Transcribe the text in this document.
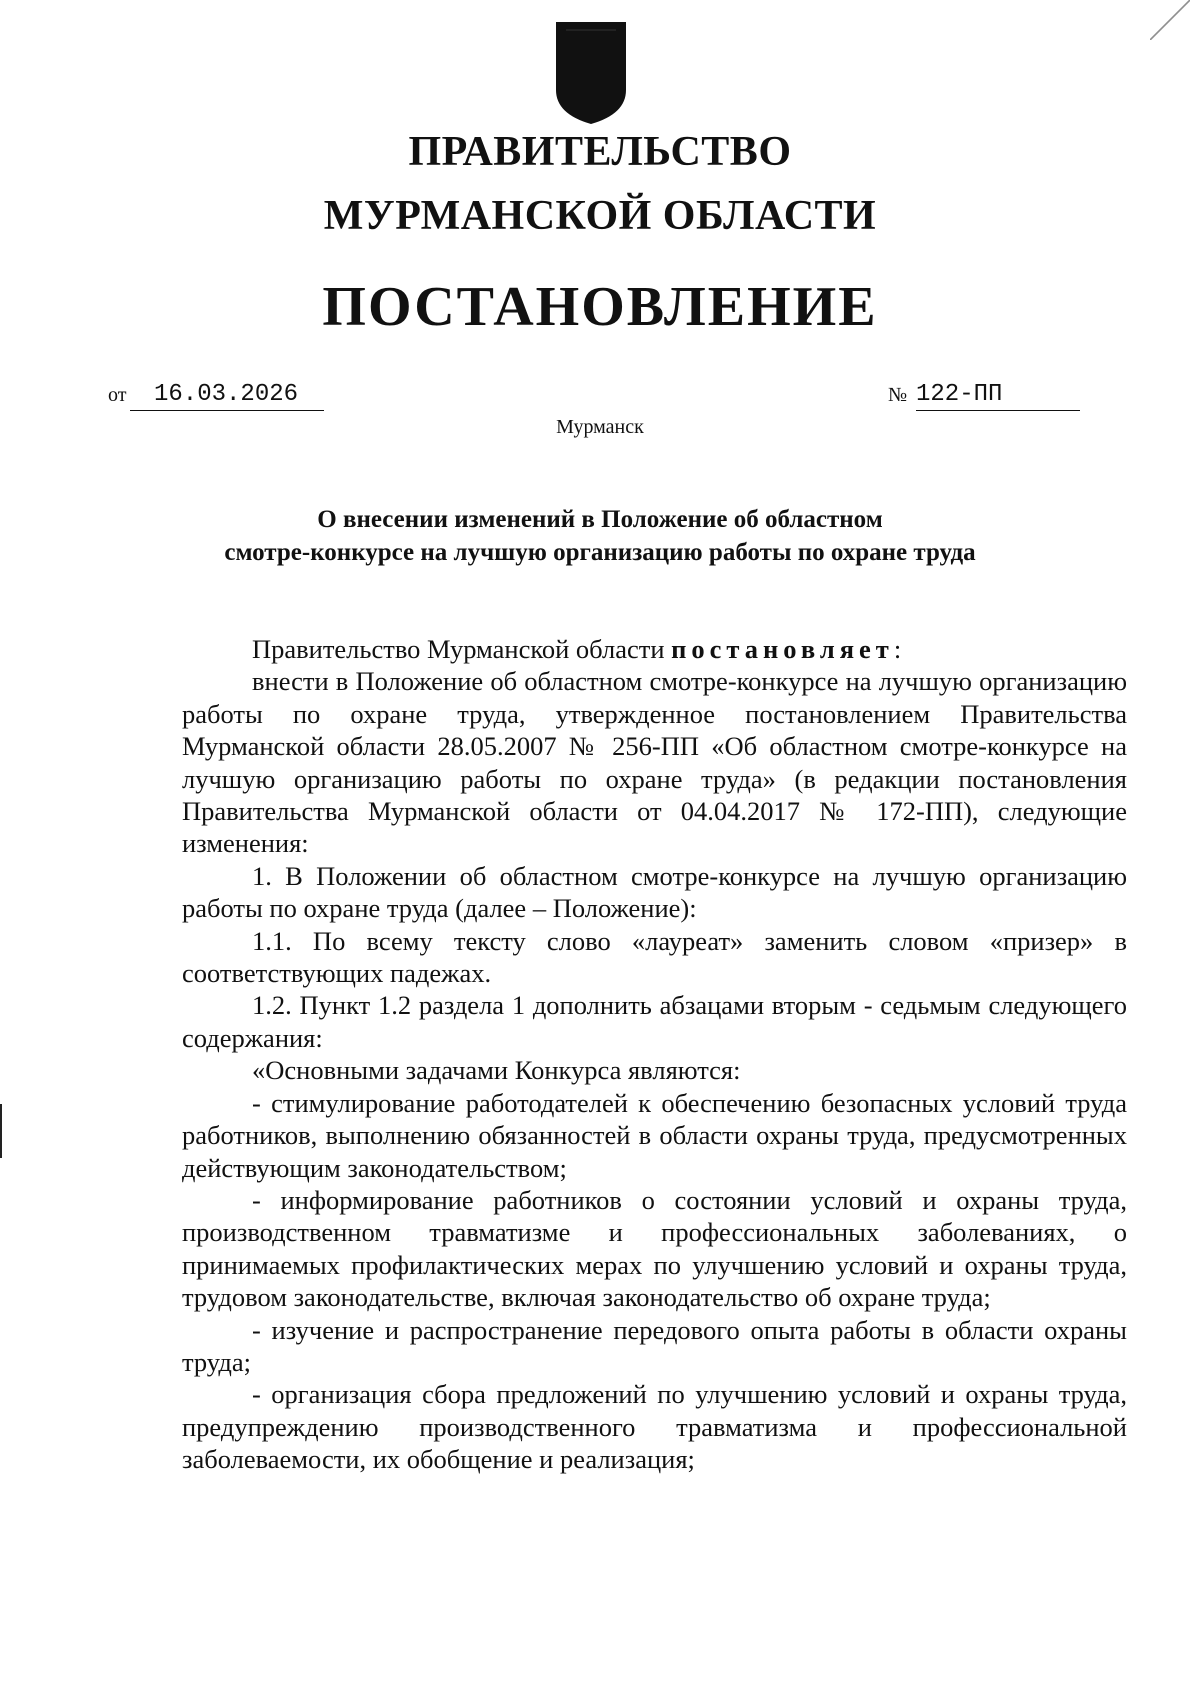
ПРАВИТЕЛЬСТВО
МУРМАНСКОЙ ОБЛАСТИ
ПОСТАНОВЛЕНИЕ
от	16.03.2026	№ 122-ПП
Мурманск
О внесении изменений в Положение об областном
смотре-конкурсе на лучшую организацию работы по охране труда

Правительство Мурманской области постановляет:

внести в Положение об областном смотре-конкурсе на лучшую организацию работы по охране труда, утвержденное постановлением Правительства Мурманской области 28.05.2007 № 256-ПП «Об областном смотре-конкурсе на лучшую организацию работы по охране труда» (в редакции постановления Правительства Мурманской области от 04.04.2017 № 172-ПП), следующие изменения:

1. В Положении об областном смотре-конкурсе на лучшую организацию работы по охране труда (далее – Положение):

1.1. По всему тексту слово «лауреат» заменить словом «призер» в соответствующих падежах.

1.2. Пункт 1.2 раздела 1 дополнить абзацами вторым - седьмым следующего содержания:

«Основными задачами Конкурса являются:

- стимулирование работодателей к обеспечению безопасных условий труда работников, выполнению обязанностей в области охраны труда, предусмотренных действующим законодательством;

- информирование работников о состоянии условий и охраны труда, производственном травматизме и профессиональных заболеваниях, о принимаемых профилактических мерах по улучшению условий и охраны труда, трудовом законодательстве, включая законодательство об охране труда;

- изучение и распространение передового опыта работы в области охраны труда;

- организация сбора предложений по улучшению условий и охраны труда, предупреждению производственного травматизма и профессиональной заболеваемости, их обобщение и реализация;
